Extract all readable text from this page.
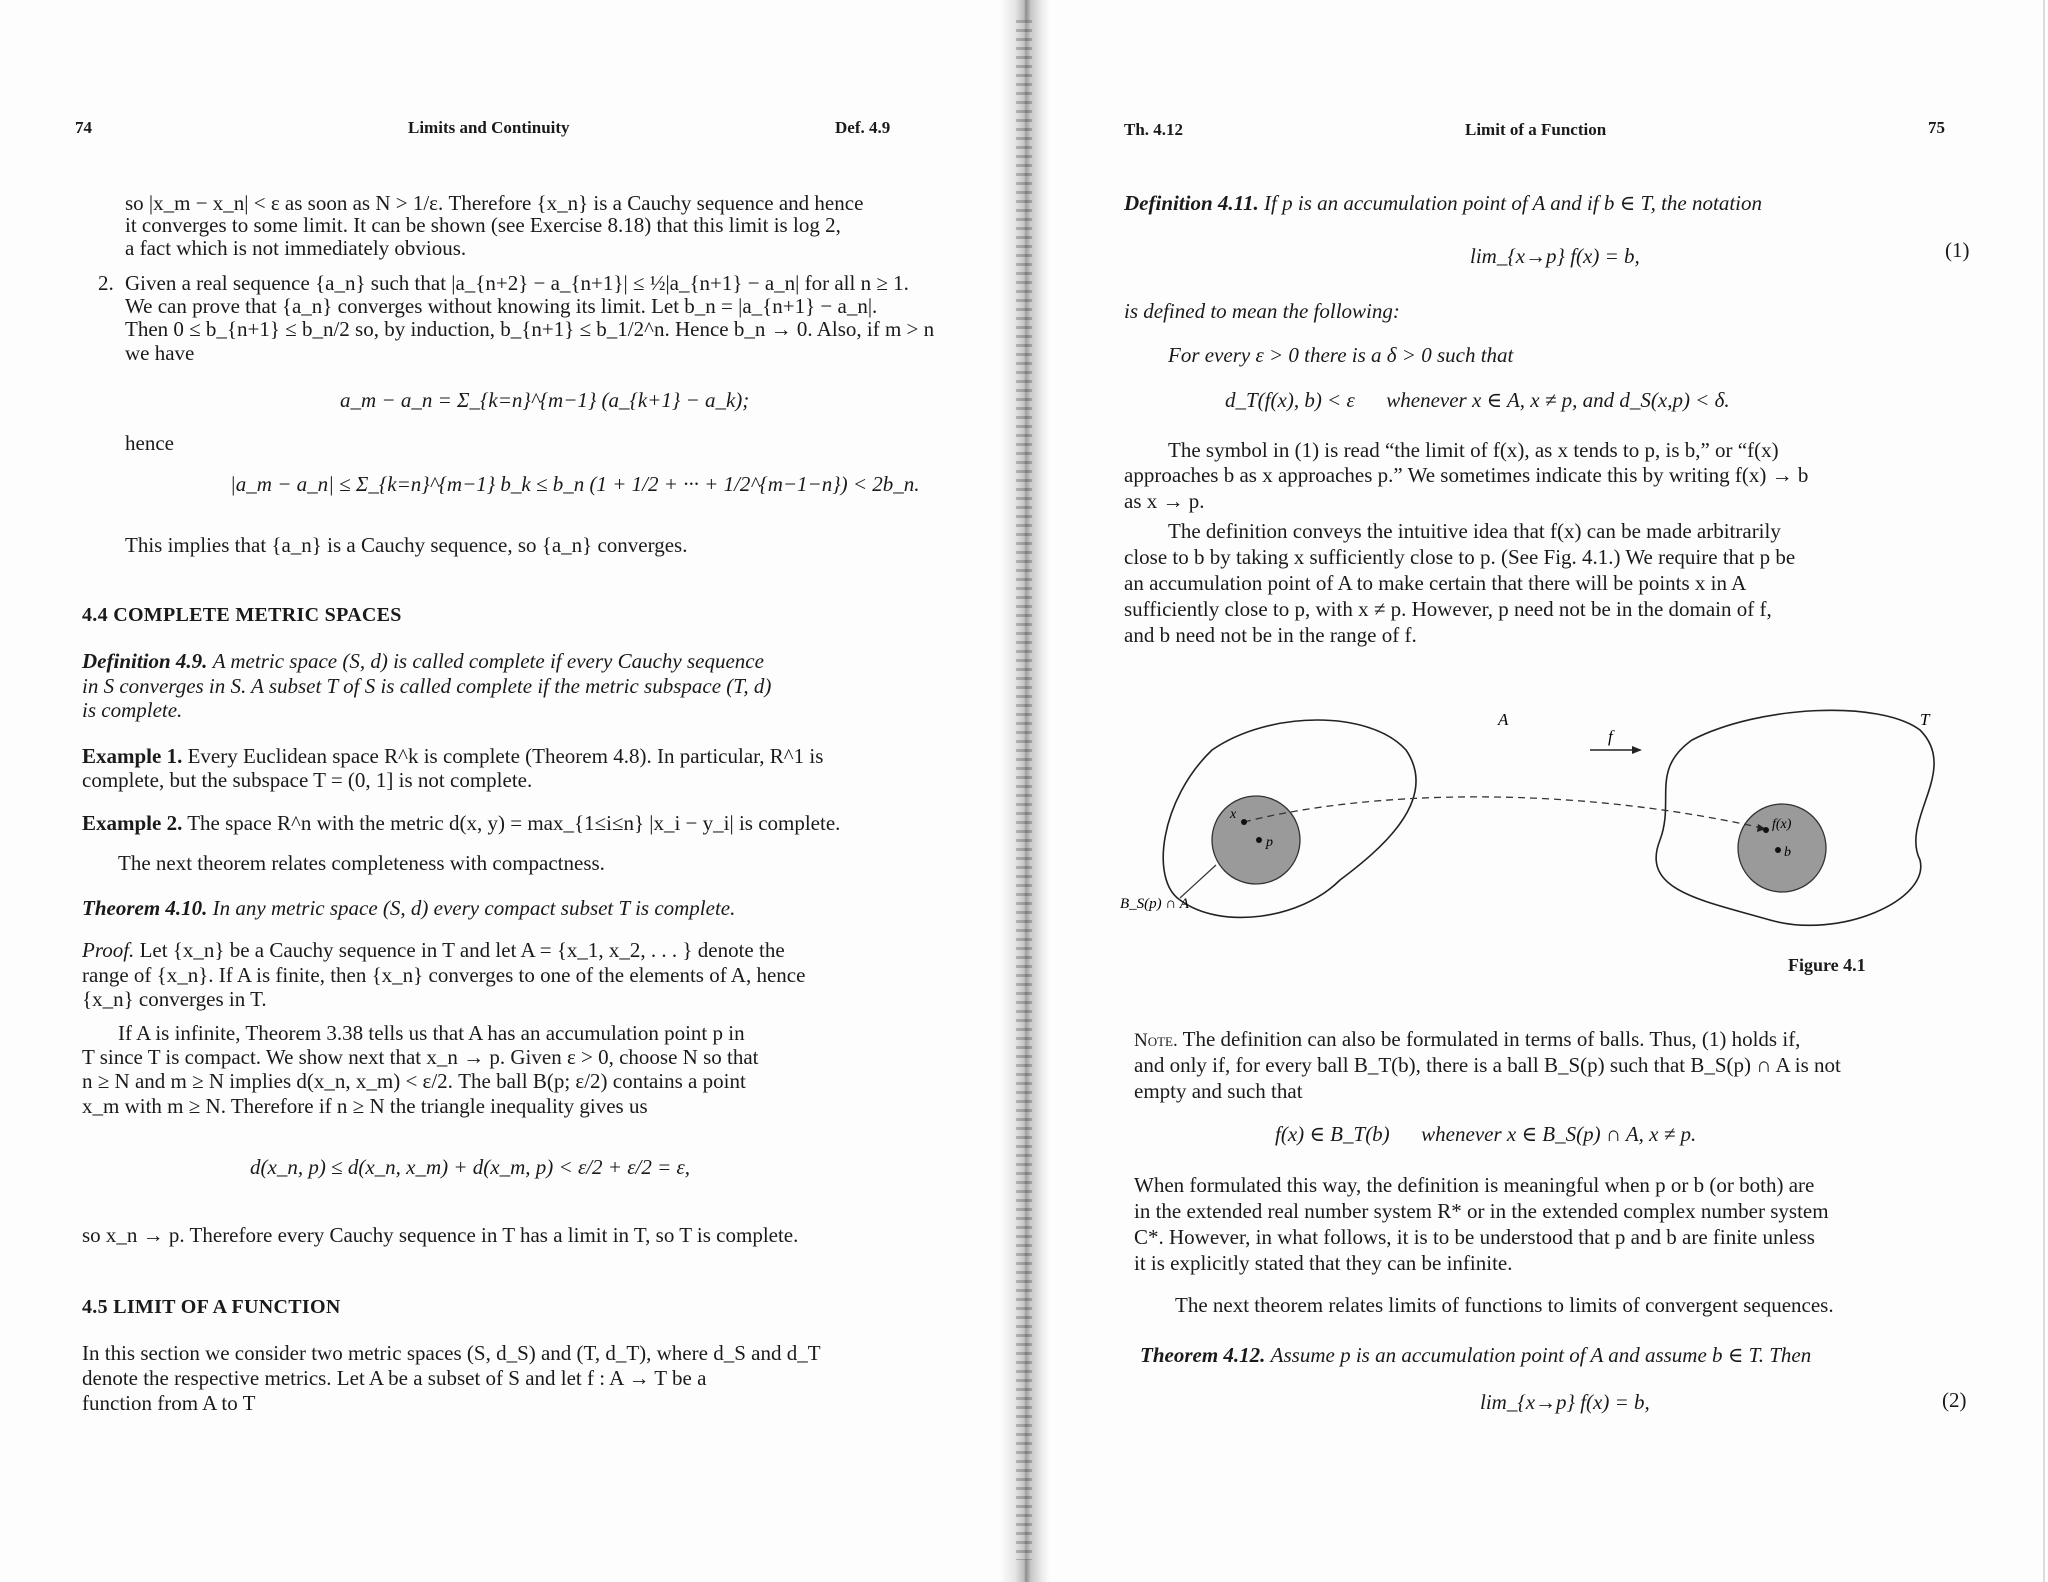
74	Limits and Continuity	Def. 4.9
so |x_m − x_n| < ε as soon as N > 1/ε. Therefore {x_n} is a Cauchy sequence and hence
it converges to some limit. It can be shown (see Exercise 8.18) that this limit is log 2,
a fact which is not immediately obvious.
2. Given a real sequence {a_n} such that |a_{n+2} − a_{n+1}| ≤ ½|a_{n+1} − a_n| for all n ≥ 1.
We can prove that {a_n} converges without knowing its limit. Let b_n = |a_{n+1} − a_n|.
Then 0 ≤ b_{n+1} ≤ b_n/2 so, by induction, b_{n+1} ≤ b_1/2^n. Hence b_n → 0. Also, if m > n
we have
a_m − a_n = Σ_{k=n}^{m−1} (a_{k+1} − a_k);
hence
|a_m − a_n| ≤ Σ_{k=n}^{m−1} b_k ≤ b_n (1 + 1/2 + ··· + 1/2^{m−1−n}) < 2b_n.
This implies that {a_n} is a Cauchy sequence, so {a_n} converges.
4.4 COMPLETE METRIC SPACES
Definition 4.9. A metric space (S, d) is called complete if every Cauchy sequence
in S converges in S. A subset T of S is called complete if the metric subspace (T, d)
is complete.
Example 1. Every Euclidean space R^k is complete (Theorem 4.8). In particular, R^1 is
complete, but the subspace T = (0, 1] is not complete.
Example 2. The space R^n with the metric d(x, y) = max_{1≤i≤n} |x_i − y_i| is complete.
The next theorem relates completeness with compactness.
Theorem 4.10. In any metric space (S, d) every compact subset T is complete.
Proof. Let {x_n} be a Cauchy sequence in T and let A = {x_1, x_2, . . . } denote the
range of {x_n}. If A is finite, then {x_n} converges to one of the elements of A, hence
{x_n} converges in T.
If A is infinite, Theorem 3.38 tells us that A has an accumulation point p in
T since T is compact. We show next that x_n → p. Given ε > 0, choose N so that
n ≥ N and m ≥ N implies d(x_n, x_m) < ε/2. The ball B(p; ε/2) contains a point
x_m with m ≥ N. Therefore if n ≥ N the triangle inequality gives us
d(x_n, p) ≤ d(x_n, x_m) + d(x_m, p) < ε/2 + ε/2 = ε,
so x_n → p. Therefore every Cauchy sequence in T has a limit in T, so T is complete.
4.5 LIMIT OF A FUNCTION
In this section we consider two metric spaces (S, d_S) and (T, d_T), where d_S and d_T
denote the respective metrics. Let A be a subset of S and let f : A → T be a
function from A to T
Th. 4.12	Limit of a Function	75
Definition 4.11. If p is an accumulation point of A and if b ∈ T, the notation
lim_{x→p} f(x) = b,	(1)
is defined to mean the following:
For every ε > 0 there is a δ > 0 such that
d_T(f(x), b) < ε      whenever x ∈ A, x ≠ p, and d_S(x,p) < δ.
The symbol in (1) is read “the limit of f(x), as x tends to p, is b,” or “f(x)
approaches b as x approaches p.” We sometimes indicate this by writing f(x) → b
as x → p.
The definition conveys the intuitive idea that f(x) can be made arbitrarily
close to b by taking x sufficiently close to p. (See Fig. 4.1.) We require that p be
an accumulation point of A to make certain that there will be points x in A
sufficiently close to p, with x ≠ p. However, p need not be in the domain of f,
and b need not be in the range of f.
A	T
f
x
p
f(x)
b
B_S(p) ∩ A
Figure 4.1
Note. The definition can also be formulated in terms of balls. Thus, (1) holds if,
and only if, for every ball B_T(b), there is a ball B_S(p) such that B_S(p) ∩ A is not
empty and such that
f(x) ∈ B_T(b)      whenever x ∈ B_S(p) ∩ A, x ≠ p.
When formulated this way, the definition is meaningful when p or b (or both) are
in the extended real number system R* or in the extended complex number system
C*. However, in what follows, it is to be understood that p and b are finite unless
it is explicitly stated that they can be infinite.
The next theorem relates limits of functions to limits of convergent sequences.
Theorem 4.12. Assume p is an accumulation point of A and assume b ∈ T. Then
lim_{x→p} f(x) = b,	(2)
